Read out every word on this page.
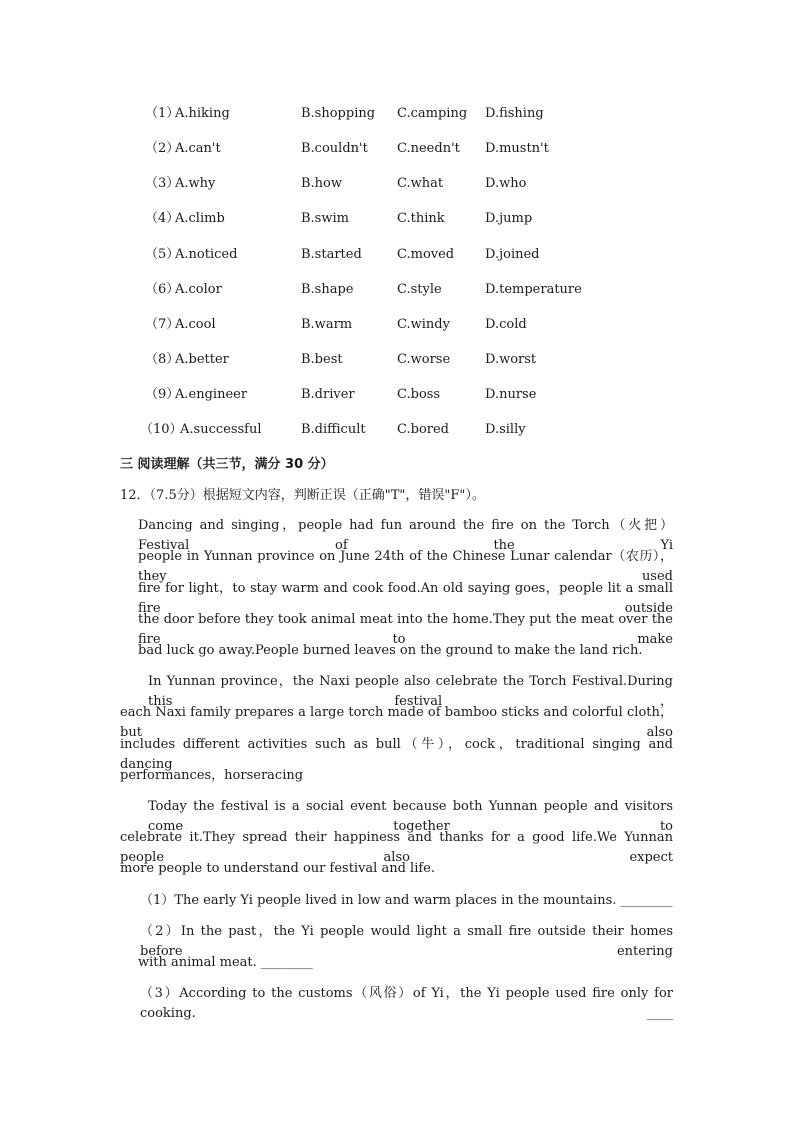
（1）
A.hiking	B.shopping C.camping D.fishing
（2）
A.can't	B.couldn't C.needn't D.mustn't
（3）
A.why	B.how	C.what	D.who
（4）
A.climb	B.swim	C.think	D.jump
（5）
A.noticed	B.started	C.moved D.joined
（6）
A.color	B.shape	C.style	D.temperature
（7）
A.cool	B.warm	C.windy	D.cold
（8）
A.better	B.best	C.worse	D.worst
（9）
A.engineer	B.driver	C.boss	D.nurse
（10）
A.successful	B.difficult C.bored	D.silly
三 阅读理解（共三节，满分 30 分）
12．（7.5分）根据短文内容，判断正误（正确"T"，错误"F"）。
Dancing and singing，people had fun around the fire on the Torch（火把）Festival of the Yi
people in Yunnan province on June 24th of the Chinese Lunar calendar（农历），they used
fire for light，to stay warm and cook food.An old saying goes，people lit a small fire outside
the door before they took animal meat into the home.They put the meat over the fire to make
bad luck go away.People burned leaves on the ground to make the land rich.
In Yunnan province，the Naxi people also celebrate the Torch Festival.During this festival，
each Naxi family prepares a large torch made of bamboo sticks and colorful cloth，but also
includes different activities such as bull（牛），cock，traditional singing and dancing
performances，horseracing
Today the festival is a social event because both Yunnan people and visitors come together to
celebrate it.They spread their happiness and thanks for a good life.We Yunnan people also expect
more people to understand our festival and life.
（1）The early Yi people lived in low and warm places in the mountains. ________
（2）In the past，the Yi people would light a small fire outside their homes before entering
with animal meat. ________
（3）According to the customs（风俗）of Yi，the Yi people used fire only for cooking. ____
